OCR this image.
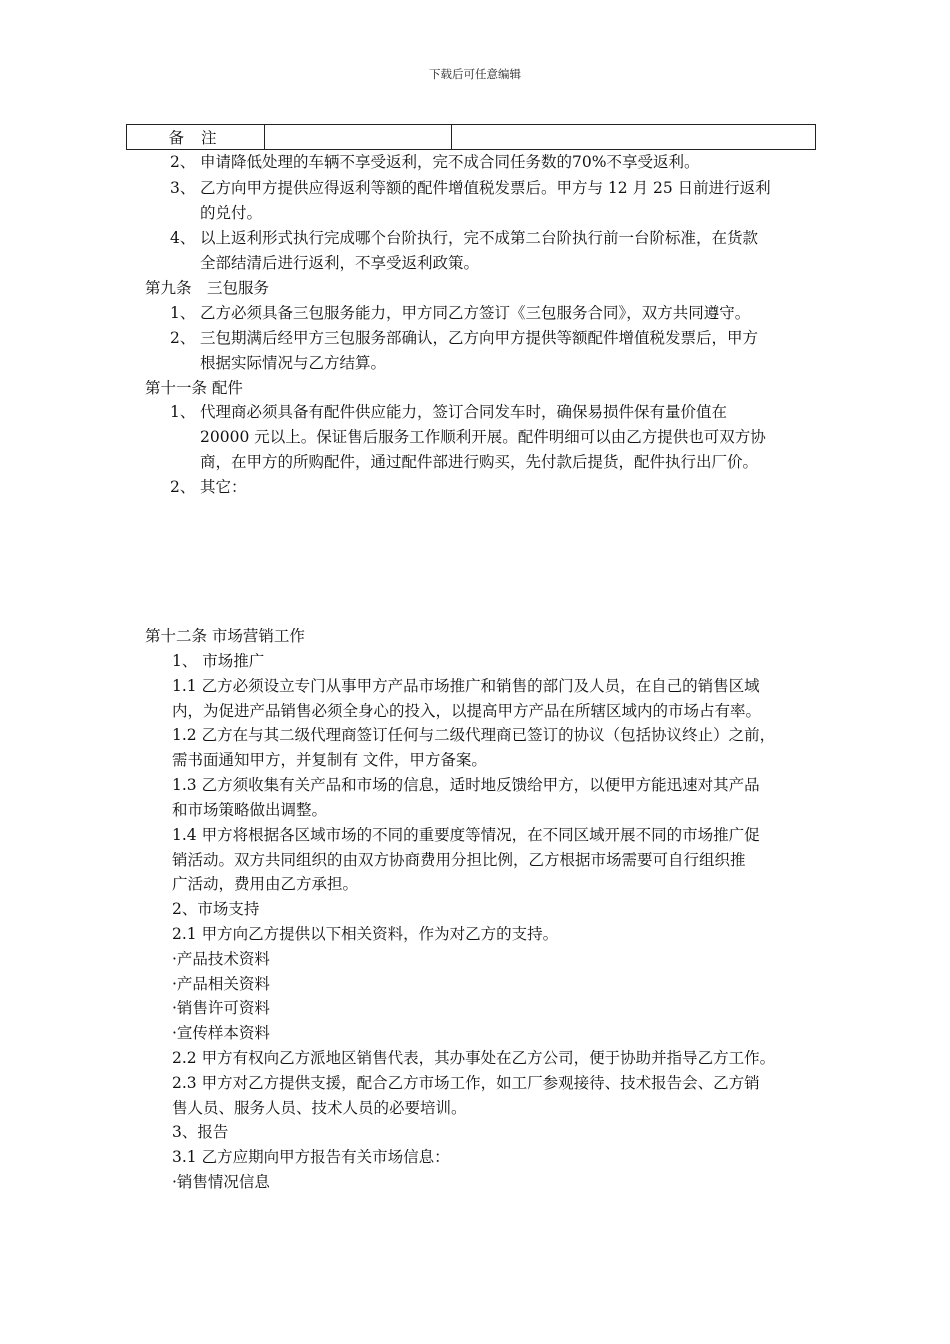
下载后可任意编辑
备 注		
2、 申请降低处理的车辆不享受返利，完不成合同任务数的70%不享受返利。
3、 乙方向甲方提供应得返利等额的配件增值税发票后。甲方与 12 月 25 日前进行返利
的兑付。
4、 以上返利形式执行完成哪个台阶执行，完不成第二台阶执行前一台阶标准，在货款
全部结清后进行返利，不享受返利政策。
第九条　三包服务
1、 乙方必须具备三包服务能力，甲方同乙方签订《三包服务合同》，双方共同遵守。
2、 三包期满后经甲方三包服务部确认，乙方向甲方提供等额配件增值税发票后，甲方
根据实际情况与乙方结算。
第十一条 配件
1、 代理商必须具备有配件供应能力，签订合同发车时，确保易损件保有量价值在
20000 元以上。保证售后服务工作顺利开展。配件明细可以由乙方提供也可双方协
商，在甲方的所购配件，通过配件部进行购买，先付款后提货，配件执行出厂价。
2、 其它：
第十二条 市场营销工作
1、 市场推广
1.1 乙方必须设立专门从事甲方产品市场推广和销售的部门及人员，在自己的销售区域
内，为促进产品销售必须全身心的投入，以提高甲方产品在所辖区域内的市场占有率。
1.2 乙方在与其二级代理商签订任何与二级代理商已签订的协议（包括协议终止）之前，
需书面通知甲方，并复制有 文件，甲方备案。
1.3 乙方须收集有关产品和市场的信息，适时地反馈给甲方，以便甲方能迅速对其产品
和市场策略做出调整。
1.4 甲方将根据各区域市场的不同的重要度等情况，在不同区域开展不同的市场推广促
销活动。双方共同组织的由双方协商费用分担比例，乙方根据市场需要可自行组织推
广活动，费用由乙方承担。
2、市场支持
2.1 甲方向乙方提供以下相关资料，作为对乙方的支持。
·产品技术资料
·产品相关资料
·销售许可资料
·宣传样本资料
2.2 甲方有权向乙方派地区销售代表，其办事处在乙方公司，便于协助并指导乙方工作。
2.3 甲方对乙方提供支援，配合乙方市场工作，如工厂参观接待、技术报告会、乙方销
售人员、服务人员、技术人员的必要培训。
3、报告
3.1 乙方应期向甲方报告有关市场信息：
·销售情况信息
